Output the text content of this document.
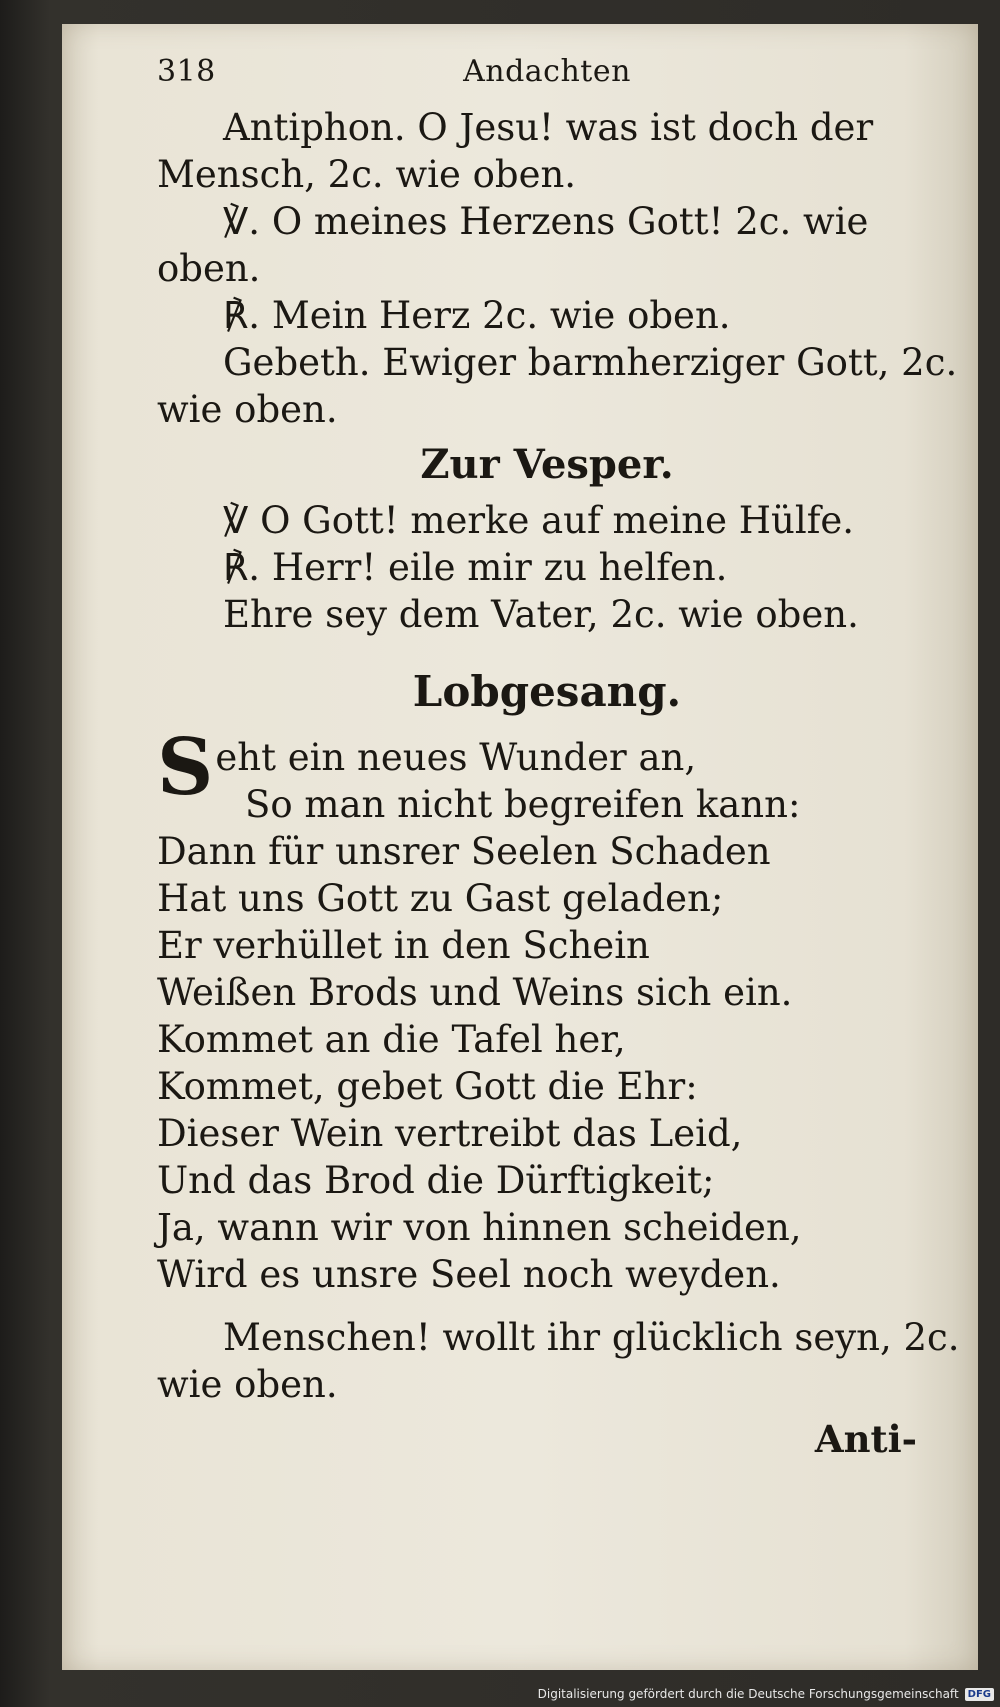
318	Andachten
Antiphon. O Jesu! was ist doch der
Mensch, 2c. wie oben.
℣. O meines Herzens Gott! 2c. wie
oben.
℟. Mein Herz 2c. wie oben.
Gebeth. Ewiger barmherziger Gott, 2c.
wie oben.
Zur Vesper.
℣ O Gott! merke auf meine Hülfe.
℟. Herr! eile mir zu helfen.
Ehre sey dem Vater, 2c. wie oben.
Lobgesang.
Seht ein neues Wunder an,
So man nicht begreifen kann:
Dann für unsrer Seelen Schaden
Hat uns Gott zu Gast geladen;
Er verhüllet in den Schein
Weißen Brods und Weins sich ein.
Kommet an die Tafel her,
Kommet, gebet Gott die Ehr:
Dieser Wein vertreibt das Leid,
Und das Brod die Dürftigkeit;
Ja, wann wir von hinnen scheiden,
Wird es unsre Seel noch weyden.
Menschen! wollt ihr glücklich seyn, 2c.
wie oben.
Anti-
Digitalisierung gefördert durch die Deutsche Forschungsgemeinschaft DFG
